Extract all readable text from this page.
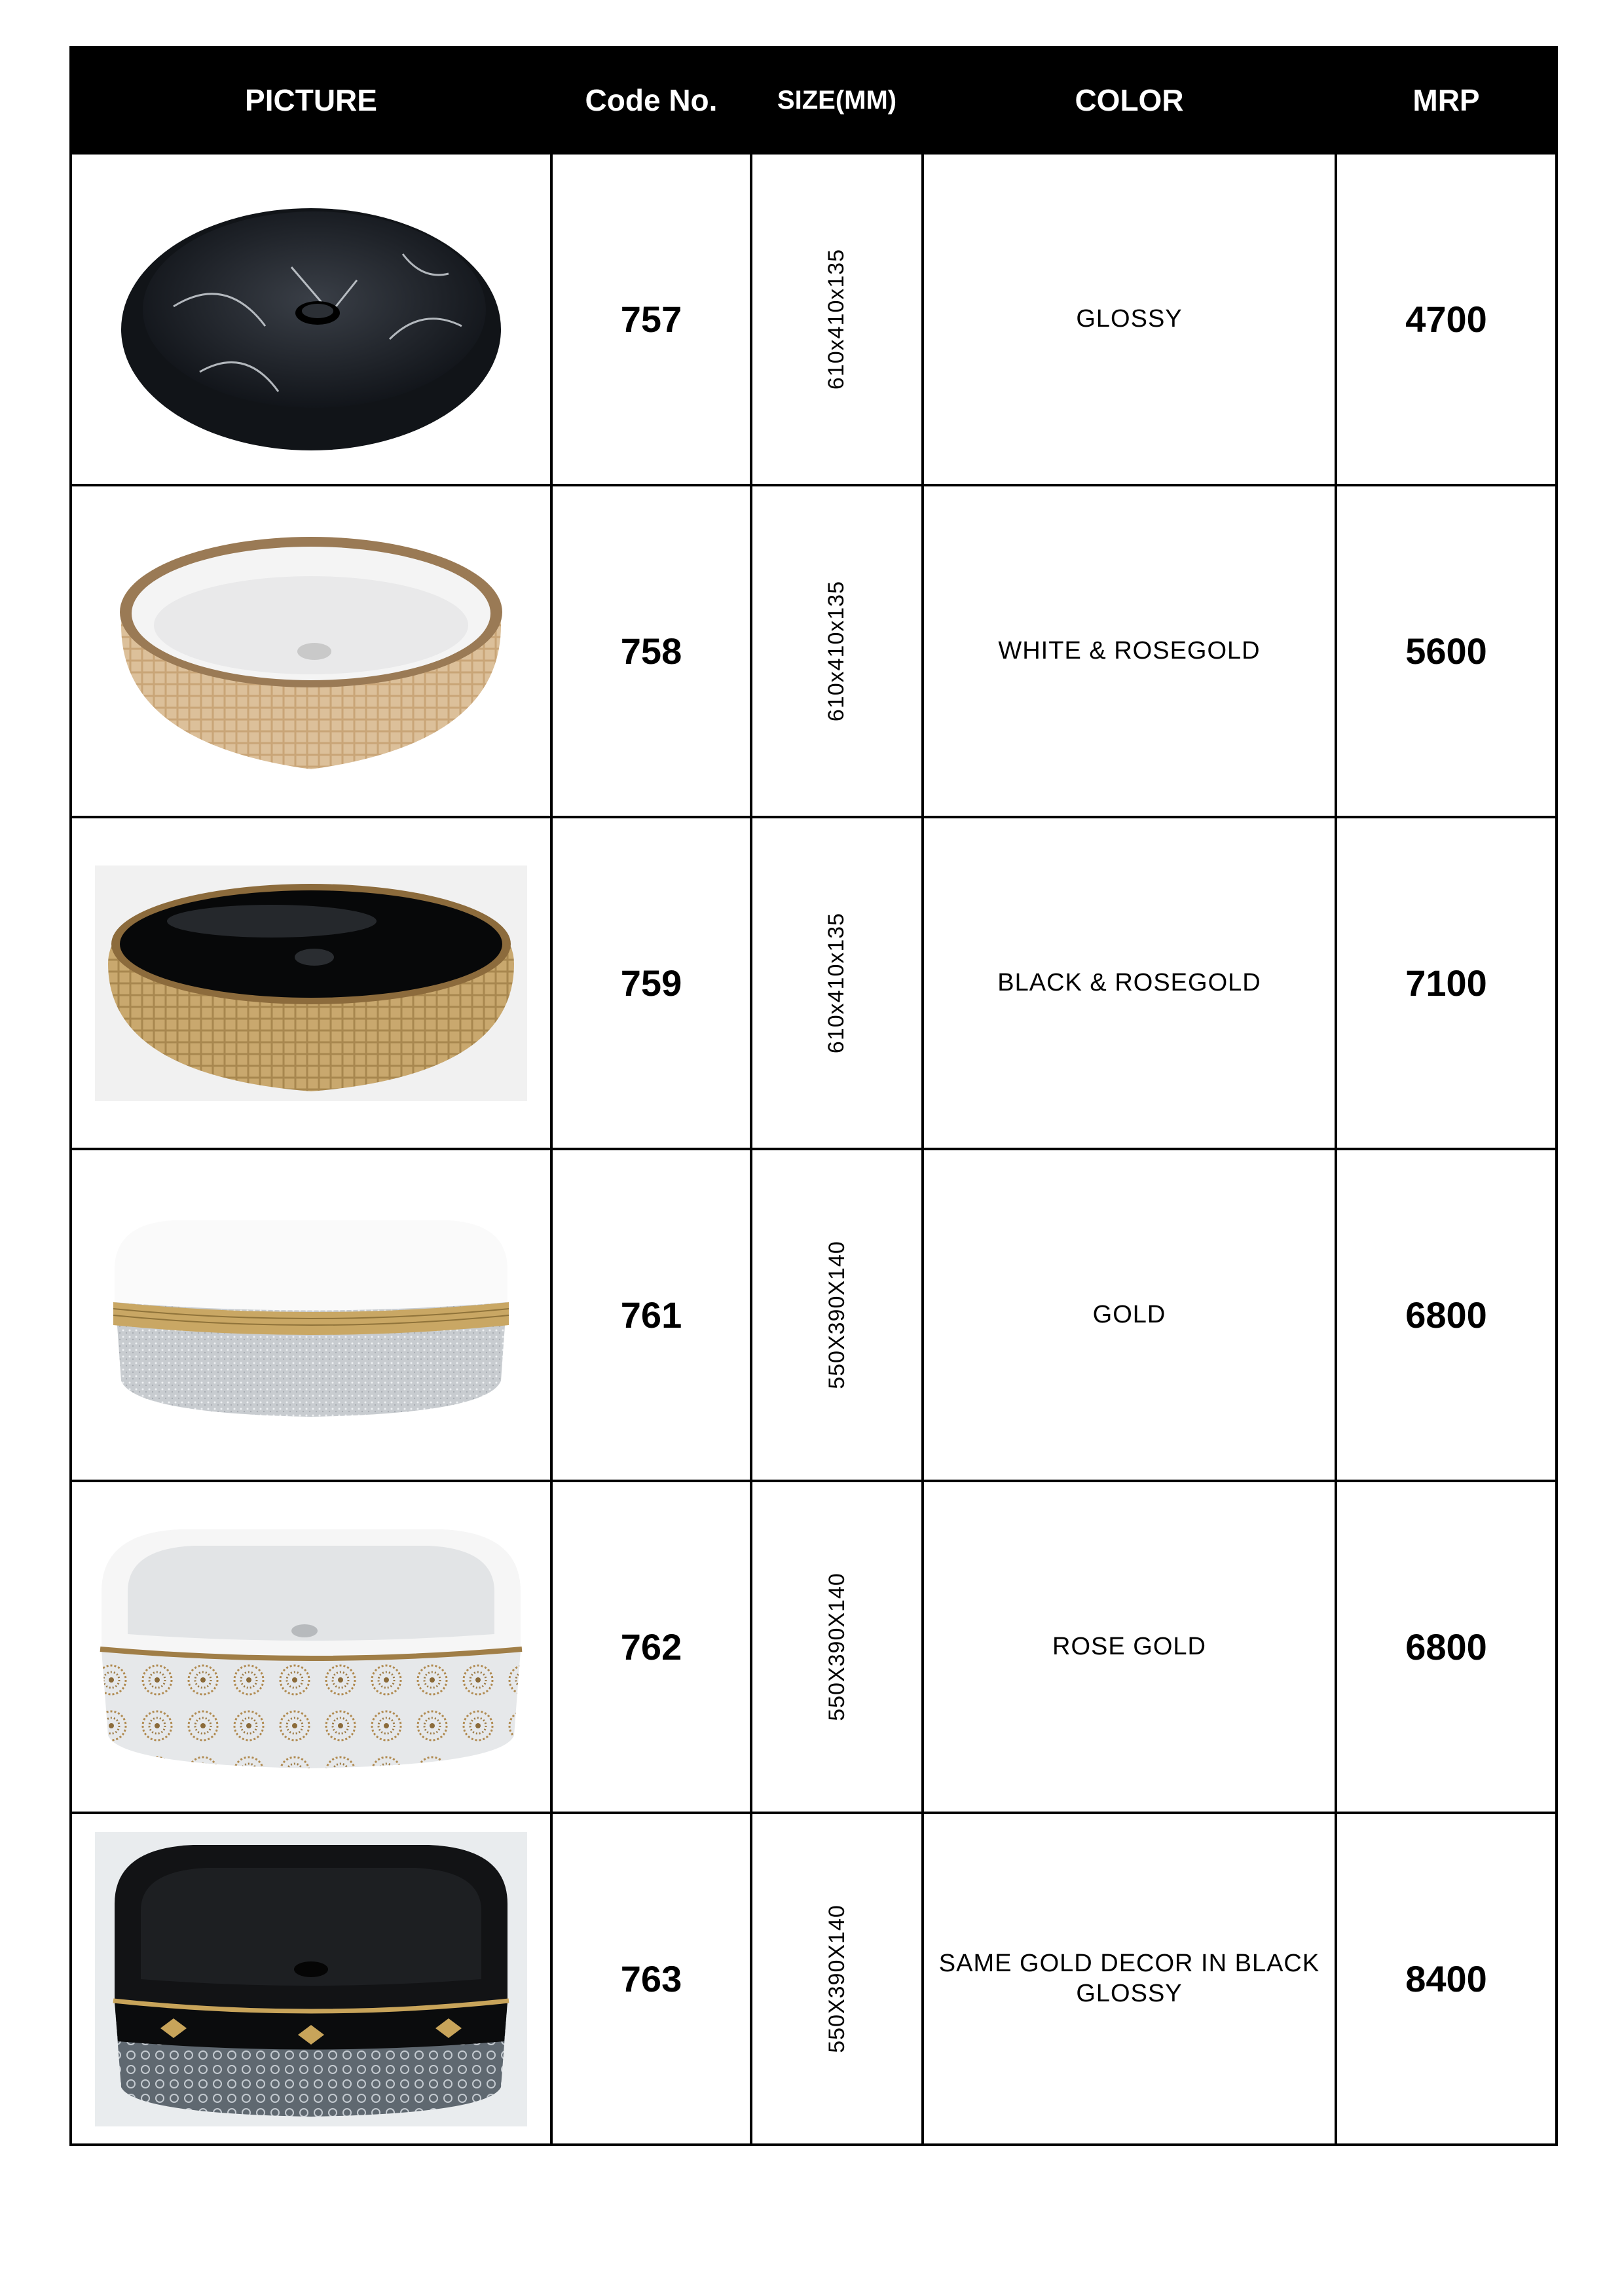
PICTURE	Code No.	SIZE(MM)	COLOR	MRP

	757	610x410x135	GLOSSY	4700

	758	610x410x135	WHITE & ROSEGOLD	5600

	759	610x410x135	BLACK & ROSEGOLD	7100

	761	550X390X140	GOLD	6800

	762	550X390X140	ROSE GOLD	6800

	763	550X390X140	SAME GOLD DECOR IN BLACK GLOSSY	8400
